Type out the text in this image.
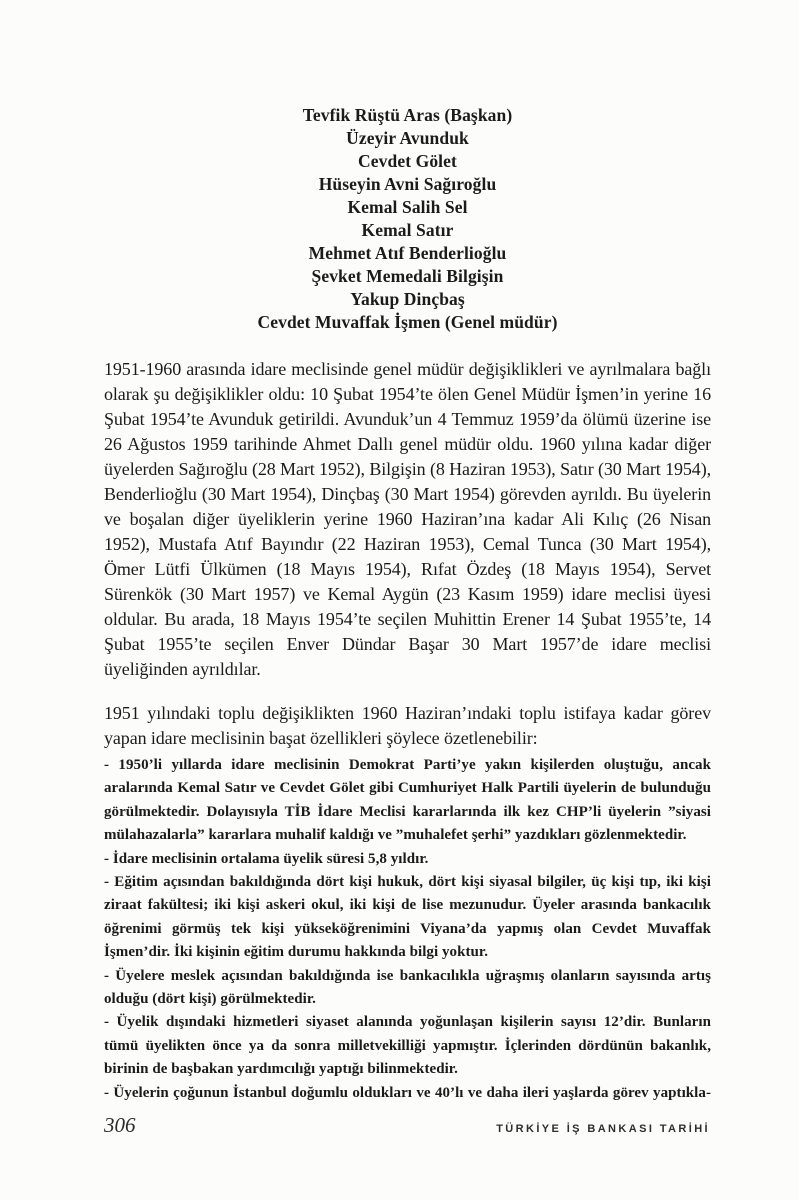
Tevfik Rüştü Aras (Başkan)
Üzeyir Avunduk
Cevdet Gölet
Hüseyin Avni Sağıroğlu
Kemal Salih Sel
Kemal Satır
Mehmet Atıf Benderlioğlu
Şevket Memedali Bilgişin
Yakup Dinçbaş
Cevdet Muvaffak İşmen (Genel müdür)

1951-1960 arasında idare meclisinde genel müdür değişiklikleri ve ayrılmalara bağlı olarak şu değişiklikler oldu: 10 Şubat 1954’te ölen Genel Müdür İşmen’in yerine 16 Şubat 1954’te Avunduk getirildi. Avunduk’un 4 Temmuz 1959’da ölümü üzerine ise 26 Ağustos 1959 tarihinde Ahmet Dallı genel müdür oldu. 1960 yılına kadar diğer üyelerden Sağıroğlu (28 Mart 1952), Bilgişin (8 Haziran 1953), Satır (30 Mart 1954), Benderlioğlu (30 Mart 1954), Dinçbaş (30 Mart 1954) görevden ayrıldı. Bu üyelerin ve boşalan diğer üyeliklerin yerine 1960 Haziran’ına kadar Ali Kılıç (26 Nisan 1952), Mustafa Atıf Bayındır (22 Haziran 1953), Cemal Tunca (30 Mart 1954), Ömer Lütfi Ülkümen (18 Mayıs 1954), Rıfat Özdeş (18 Mayıs 1954), Servet Sürenkök (30 Mart 1957) ve Kemal Aygün (23 Kasım 1959) idare meclisi üyesi oldular. Bu arada, 18 Mayıs 1954’te seçilen Muhittin Erener 14 Şubat 1955’te, 14 Şubat 1955’te seçilen Enver Dündar Başar 30 Mart 1957’de idare meclisi üyeliğinden ayrıldılar.

1951 yılındaki toplu değişiklikten 1960 Haziran’ındaki toplu istifaya kadar görev yapan idare meclisinin başat özellikleri şöylece özetlenebilir:

- 1950’li yıllarda idare meclisinin Demokrat Parti’ye yakın kişilerden oluştuğu, ancak aralarında Kemal Satır ve Cevdet Gölet gibi Cumhuriyet Halk Partili üyelerin de bulunduğu görülmektedir. Dolayısıyla TİB İdare Meclisi kararlarında ilk kez CHP’li üyelerin ”siyasi mülahazalarla” kararlara muhalif kaldığı ve ”muhalefet şerhi” yazdıkları gözlenmektedir.

- İdare meclisinin ortalama üyelik süresi 5,8 yıldır.

- Eğitim açısından bakıldığında dört kişi hukuk, dört kişi siyasal bilgiler, üç kişi tıp, iki kişi ziraat fakültesi; iki kişi askeri okul, iki kişi de lise mezunudur. Üyeler arasında bankacılık öğrenimi görmüş tek kişi yükseköğrenimini Viyana’da yapmış olan Cevdet Muvaffak İşmen’dir. İki kişinin eğitim durumu hakkında bilgi yoktur.

- Üyelere meslek açısından bakıldığında ise bankacılıkla uğraşmış olanların sayısında artış olduğu (dört kişi) görülmektedir.

- Üyelik dışındaki hizmetleri siyaset alanında yoğunlaşan kişilerin sayısı 12’dir. Bunların tümü üyelikten önce ya da sonra milletvekilliği yapmıştır. İçlerinden dördünün bakanlık, birinin de başbakan yardımcılığı yaptığı bilinmektedir.

- Üyelerin çoğunun İstanbul doğumlu oldukları ve 40’lı ve daha ileri yaşlarda görev yaptıkla-

306	TÜRKİYE İŞ BANKASI TARİHİ
